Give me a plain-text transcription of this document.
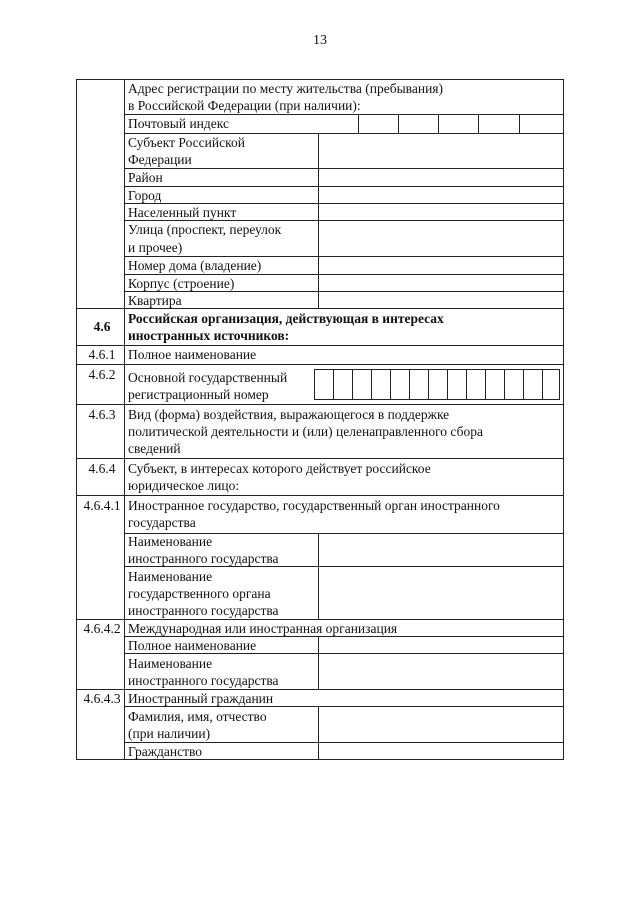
13
Адрес регистрации по месту жительства (пребывания)
в Российской Федерации (при наличии):
Почтовый индекс
Субъект Российской
Федерации
Район
Город
Населенный пункт
Улица (проспект, переулок
и прочее)
Номер дома (владение)
Корпус (строение)
Квартира
4.6
Российская организация, действующая в интересах
иностранных источников:
4.6.1 Полное наименование
4.6.2 Основной государственный
регистрационный номер
4.6.3 Вид (форма) воздействия, выражающегося в поддержке
политической деятельности и (или) целенаправленного сбора
сведений
4.6.4 Субъект, в интересах которого действует российское
юридическое лицо:
4.6.4.1 Иностранное государство, государственный орган иностранного
государства
Наименование
иностранного государства
Наименование
государственного органа
иностранного государства
4.6.4.2 Международная или иностранная организация
Полное наименование
Наименование
иностранного государства
4.6.4.3 Иностранный гражданин
Фамилия, имя, отчество
(при наличии)
Гражданство
